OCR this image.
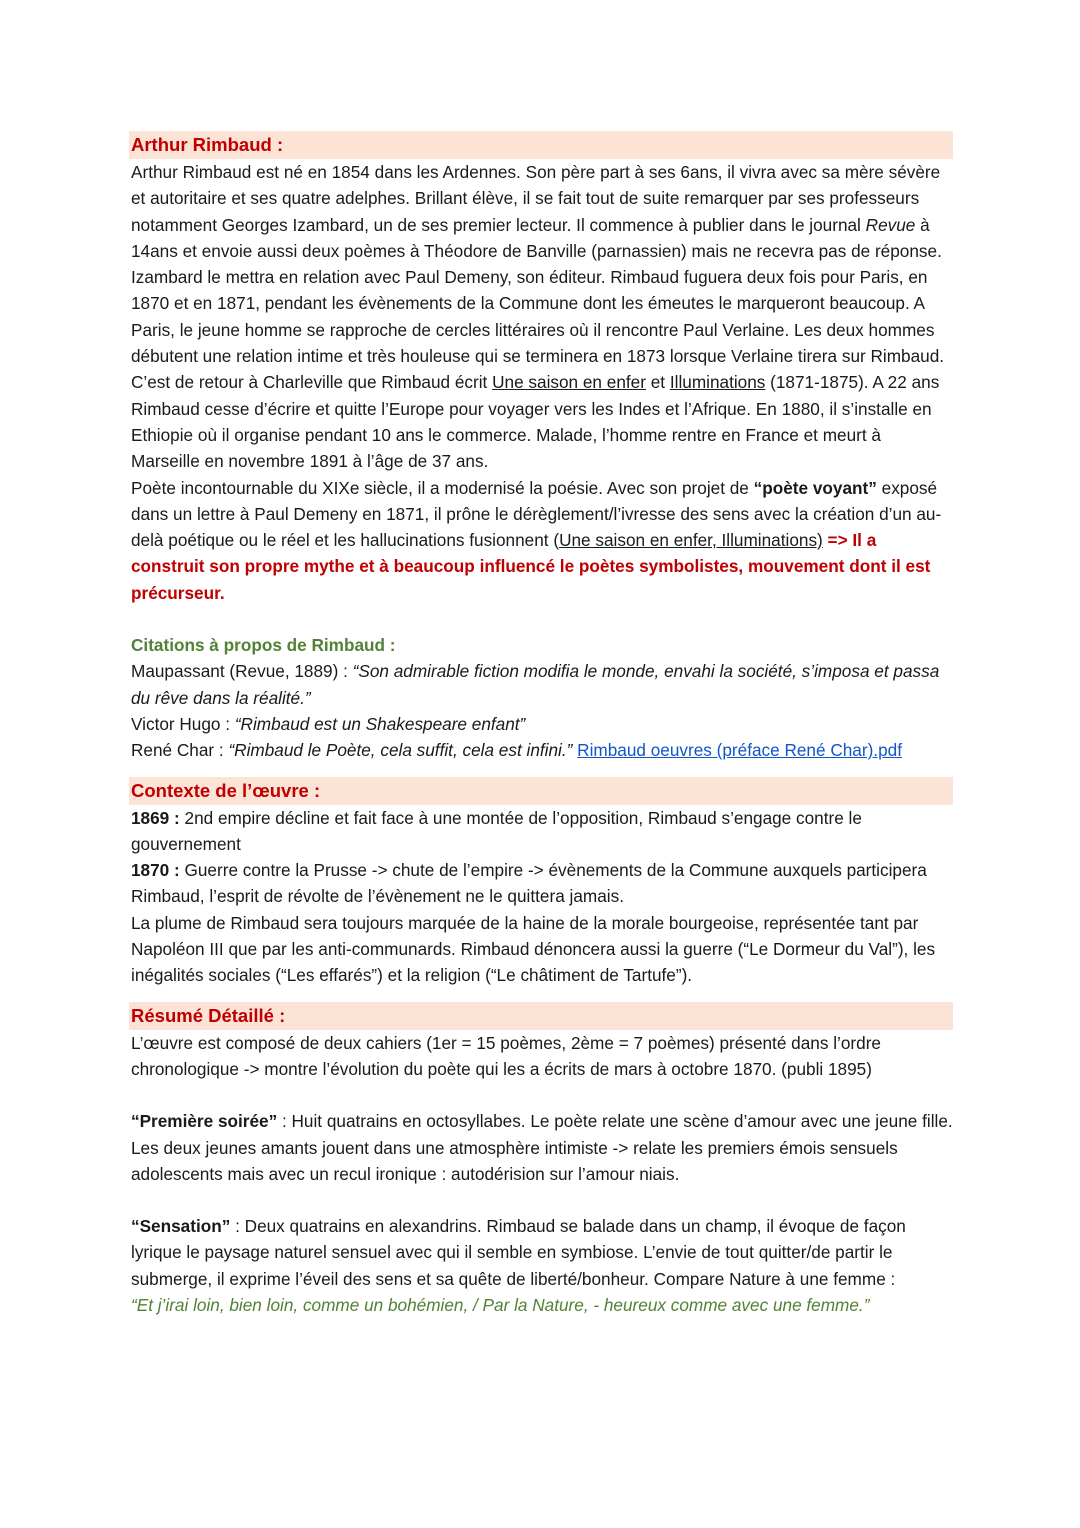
Arthur Rimbaud :

Arthur Rimbaud est né en 1854 dans les Ardennes. Son père part à ses 6ans, il vivra avec sa mère sévère et autoritaire et ses quatre adelphes. Brillant élève, il se fait tout de suite remarquer par ses professeurs notamment Georges Izambard, un de ses premier lecteur. Il commence à publier dans le journal Revue à 14ans et envoie aussi deux poèmes à Théodore de Banville (parnassien) mais ne recevra pas de réponse. Izambard le mettra en relation avec Paul Demeny, son éditeur. Rimbaud fuguera deux fois pour Paris, en 1870 et en 1871, pendant les évènements de la Commune dont les émeutes le marqueront beaucoup. A Paris, le jeune homme se rapproche de cercles littéraires où il rencontre Paul Verlaine. Les deux hommes débutent une relation intime et très houleuse qui se terminera en 1873 lorsque Verlaine tirera sur Rimbaud. C’est de retour à Charleville que Rimbaud écrit Une saison en enfer et Illuminations (1871-1875). A 22 ans Rimbaud cesse d’écrire et quitte l’Europe pour voyager vers les Indes et l’Afrique. En 1880, il s’installe en Ethiopie où il organise pendant 10 ans le commerce. Malade, l’homme rentre en France et meurt à Marseille en novembre 1891 à l’âge de 37 ans.

Poète incontournable du XIXe siècle, il a modernisé la poésie. Avec son projet de “poète voyant” exposé dans un lettre à Paul Demeny en 1871, il prône le dérèglement/l’ivresse des sens avec la création d’un au-delà poétique ou le réel et les hallucinations fusionnent (Une saison en enfer, Illuminations) => Il a construit son propre mythe et à beaucoup influencé le poètes symbolistes, mouvement dont il est précurseur.

Citations à propos de Rimbaud :

Maupassant (Revue, 1889) : “Son admirable fiction modifia le monde, envahi la société, s’imposa et passa du rêve dans la réalité.”

Victor Hugo : “Rimbaud est un Shakespeare enfant”

René Char : “Rimbaud le Poète, cela suffit, cela est infini.” Rimbaud oeuvres (préface René Char).pdf

Contexte de l’œuvre :

1869 : 2nd empire décline et fait face à une montée de l’opposition, Rimbaud s’engage contre le gouvernement

1870 : Guerre contre la Prusse -> chute de l’empire -> évènements de la Commune auxquels participera Rimbaud, l’esprit de révolte de l’évènement ne le quittera jamais.

La plume de Rimbaud sera toujours marquée de la haine de la morale bourgeoise, représentée tant par Napoléon III que par les anti-communards. Rimbaud dénoncera aussi la guerre (“Le Dormeur du Val”), les inégalités sociales (“Les effarés”) et la religion (“Le châtiment de Tartufe”).

Résumé Détaillé :

L’œuvre est composé de deux cahiers (1er = 15 poèmes, 2ème = 7 poèmes) présenté dans l’ordre chronologique -> montre l’évolution du poète qui les a écrits de mars à octobre 1870. (publi 1895)

“Première soirée” : Huit quatrains en octosyllabes. Le poète relate une scène d’amour avec une jeune fille. Les deux jeunes amants jouent dans une atmosphère intimiste -> relate les premiers émois sensuels adolescents mais avec un recul ironique : autodérision sur l’amour niais.

“Sensation” : Deux quatrains en alexandrins. Rimbaud se balade dans un champ, il évoque de façon lyrique le paysage naturel sensuel avec qui il semble en symbiose. L’envie de tout quitter/de partir le submerge, il exprime l’éveil des sens et sa quête de liberté/bonheur. Compare Nature à une femme :

“Et j’irai loin, bien loin, comme un bohémien, / Par la Nature, - heureux comme avec une femme.”
